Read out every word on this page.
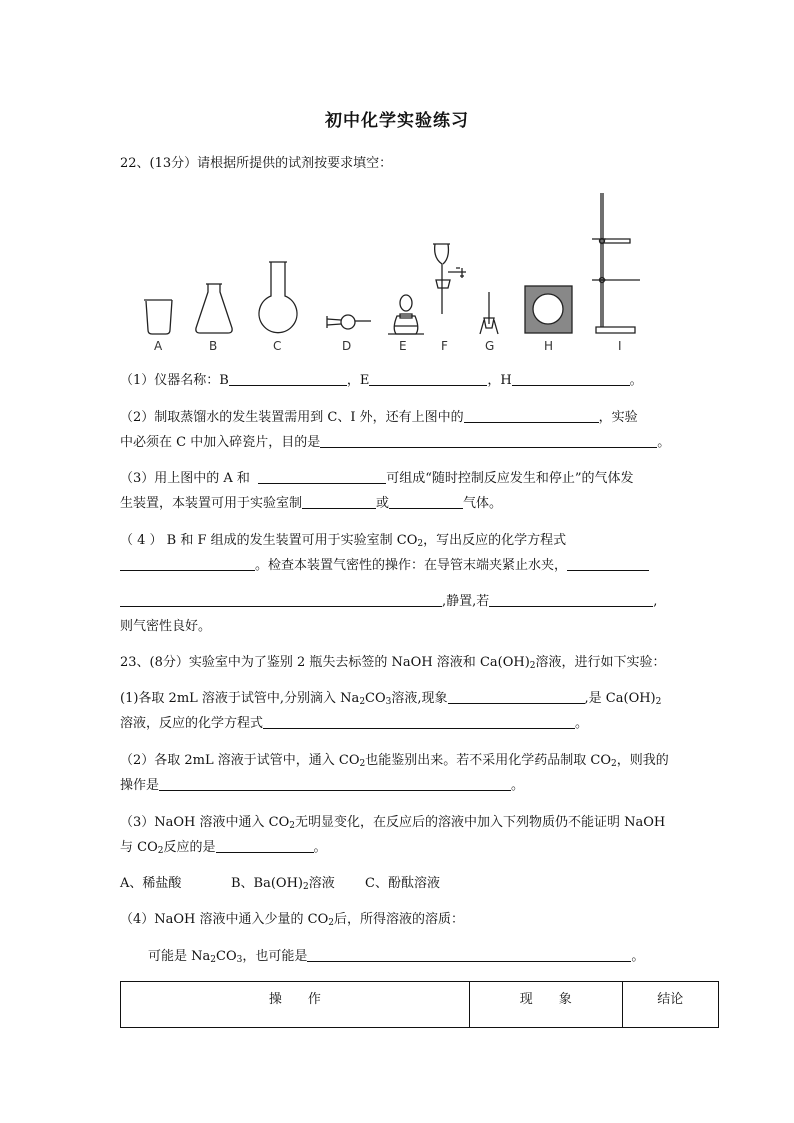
初中化学实验练习
22、(13分）请根据所提供的试剂按要求填空：
A	B	C	D	E	F	G	H	I
（1）仪器名称：B	，E	，H	。
（2）制取蒸馏水的发生装置需用到 C、I 外，还有上图中的	，实验
中必须在 C 中加入碎瓷片，目的是	。
（3）用上图中的 A 和	可组成“随时控制反应发生和停止”的气体发
生装置，本装置可用于实验室制	或	气体。
（ 4 ） B 和 F 组成的发生装置可用于实验室制 $CO_2$，写出反应的化学方程式
。检查本装置气密性的操作：在导管末端夹紧止水夹，
,静置,若	,
则气密性良好。
23、(8分）实验室中为了鉴别 2 瓶失去标签的 NaOH 溶液和 $Ca(OH)_2$溶液，进行如下实验：
(1)各取 2mL 溶液于试管中,分别滴入 $Na_2CO_3$溶液,现象	,是 $Ca(OH)_2$
溶液，反应的化学方程式	。
（2）各取 2mL 溶液于试管中，通入 $CO_2$也能鉴别出来。若不采用化学药品制取 $CO_2$，则我的
操作是	。
（3）NaOH 溶液中通入 $CO_2$无明显变化，在反应后的溶液中加入下列物质仍不能证明 NaOH
与 $CO_2$反应的是	。
A、稀盐酸	B、$Ba(OH)_2$溶液 C、酚酞溶液
（4）NaOH 溶液中通入少量的 $CO_2$后，所得溶液的溶质：
可能是 $Na_2CO_3$，也可能是	。
操　　作	现　　象	结论
